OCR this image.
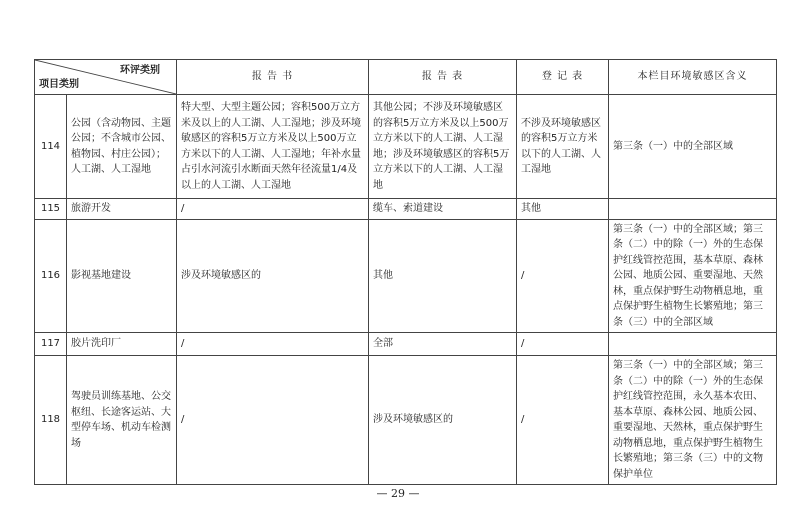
环评类别
项目类别		报 告 书	报 告 表	登 记 表	本栏目环境敏感区含义
114	公园（含动物园、主题公园；不含城市公园、植物园、村庄公园）；人工湖、人工湿地	特大型、大型主题公园；容积500万立方米及以上的人工湖、人工湿地；涉及环境敏感区的容积5万立方米及以上500万立方米以下的人工湖、人工湿地；年补水量占引水河流引水断面天然年径流量1/4及以上的人工湖、人工湿地	其他公园；不涉及环境敏感区的容积5万立方米及以上500万立方米以下的人工湖、人工湿地；涉及环境敏感区的容积5万立方米以下的人工湖、人工湿地	不涉及环境敏感区的容积5万立方米以下的人工湖、人工湿地	第三条（一）中的全部区域
115	旅游开发	/	缆车、索道建设	其他	
116	影视基地建设	涉及环境敏感区的	其他	/	第三条（一）中的全部区域；第三条（二）中的除（一）外的生态保护红线管控范围，基本草原、森林公园、地质公园、重要湿地、天然林，重点保护野生动物栖息地，重点保护野生植物生长繁殖地；第三条（三）中的全部区域
117	胶片洗印厂	/	全部	/	
118	驾驶员训练基地、公交枢纽、长途客运站、大型停车场、机动车检测场	/	涉及环境敏感区的	/	第三条（一）中的全部区域；第三条（二）中的除（一）外的生态保护红线管控范围，永久基本农田、基本草原、森林公园、地质公园、重要湿地、天然林，重点保护野生动物栖息地，重点保护野生植物生长繁殖地；第三条（三）中的文物保护单位
— 29 —
